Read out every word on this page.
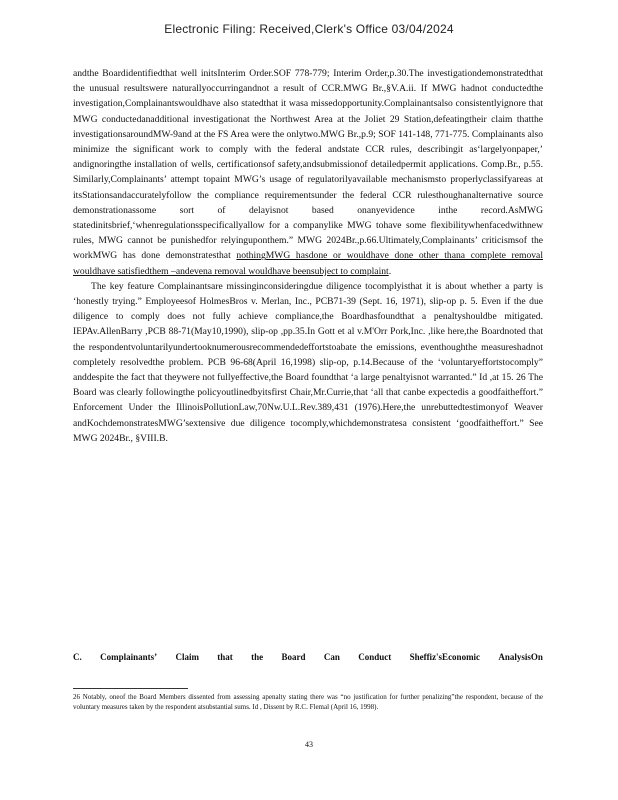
Electronic Filing: Received,Clerk's Office 03/04/2024

andthe Boardidentifiedthat well initsInterim Order.SOF 778-779; Interim Order,p.30.The investigationdemonstratedthat the unusual resultswere naturallyoccurringandnot a result of CCR.MWG Br.,§V.A.ii. If MWG hadnot conductedthe investigation,Complainantswouldhave also statedthat it wasa missedopportunity.Complainantsalso consistentlyignore that MWG conductedanadditional investigationat the Northwest Area at the Joliet 29 Station,defeatingtheir claim thatthe investigationsaroundMW-9and at the FS Area were the onlytwo.MWG Br.,p.9; SOF 141-148, 771-775. Complainants also minimize the significant work to comply with the federal andstate CCR rules, describingit as‘largelyonpaper,’ andignoringthe installation of wells, certificationsof safety,andsubmissionof detailedpermit applications. Comp.Br., p.55. Similarly,Complainants’ attempt topaint MWG’s usage of regulatorilyavailable mechanismsto properlyclassifyareas at itsStationsandaccuratelyfollow the compliance requirementsunder the federal CCR rulesthoughanalternative source demonstrationassome sort of delayisnot based onanyevidence inthe record.AsMWG statedinitsbrief,‘whenregulationsspecificallyallow for a companylike MWG tohave some flexibilitywhenfacedwithnew rules, MWG cannot be punishedfor relyinguponthem.” MWG 2024Br.,p.66.Ultimately,Complainants’ criticismsof the workMWG has done demonstratesthat nothingMWG hasdone or wouldhave done other thana complete removal wouldhave satisfiedthem –andevena removal wouldhave beensubject to complaint.

The key feature Complainantsare missinginconsideringdue diligence tocomplyisthat it is about whether a party is ‘honestly trying.” Employeesof HolmesBros v. Merlan, Inc., PCB71-39 (Sept. 16, 1971), slip-op p. 5. Even if the due diligence to comply does not fully achieve compliance,the Boardhasfoundthat a penaltyshouldbe mitigated. IEPAv.AllenBarry ,PCB 88-71(May10,1990), slip-op ,pp.35.In Gott et al v.M'Orr Pork,Inc. ,like here,the Boardnoted that the respondentvoluntarilyundertooknumerousrecommendedeffortstoabate the emissions, eventhoughthe measureshadnot completely resolvedthe problem. PCB 96-68(April 16,1998) slip-op, p.14.Because of the ‘voluntaryeffortstocomply” anddespite the fact that theywere not fullyeffective,the Board foundthat ‘a large penaltyisnot warranted.” Id ,at 15. 26 The Board was clearly followingthe policyoutlinedbyitsfirst Chair,Mr.Currie,that ‘all that canbe expectedis a goodfaitheffort.” Enforcement Under the IllinoisPollutionLaw,70Nw.U.L.Rev.389,431 (1976).Here,the unrebuttedtestimonyof Weaver andKochdemonstratesMWG’sextensive due diligence tocomply,whichdemonstratesa consistent ‘goodfaitheffort.” See MWG 2024Br., §VIII.B.

C. Complainants’ Claim that the Board Can Conduct Sheffiz'sEconomic AnalysisOn
26 Notably, oneof the Board Members dissented from assessing apenalty stating there was “no justification for further penalizing”the respondent, because of the voluntary measures taken by the respondent atsubstantial sums. Id , Dissent by R.C. Flemal (April 16, 1998).
43
